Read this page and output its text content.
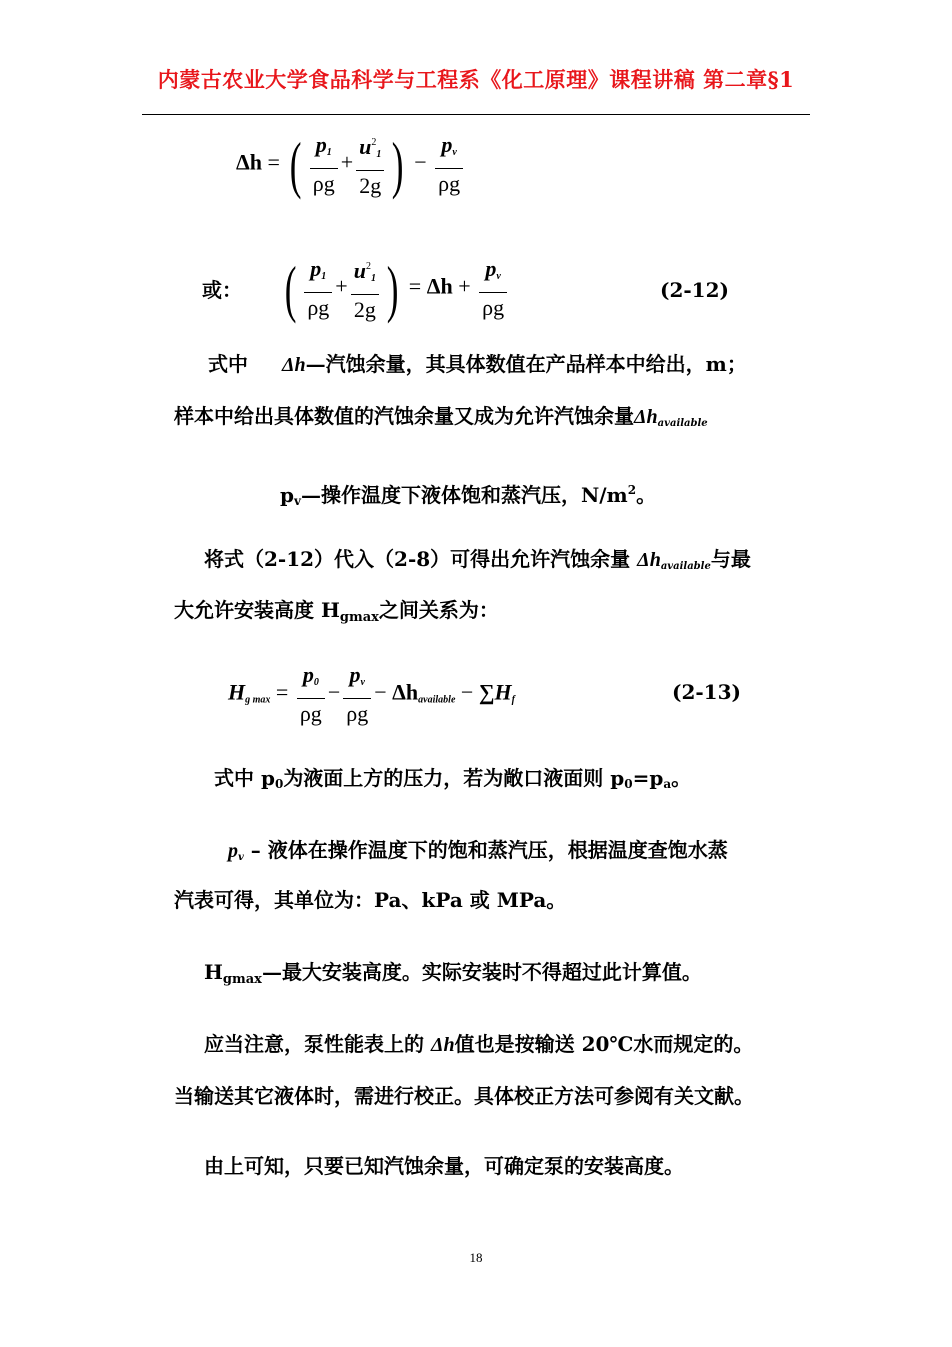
内蒙古农业大学食品科学与工程系《化工原理》课程讲稿 第二章§1
Δh = ( $\frac{p_1}{\rho g} + \frac{u^2_1}{2g}$ ) − $\frac{p_v}{\rho g}$
或： ( $\frac{p_1}{\rho g} + \frac{u^2_1}{2g}$ ) = $\Delta h + \frac{p_v}{\rho g}$	(2-12)
式中 Δh—汽蚀余量，其具体数值在产品样本中给出，m；
样本中给出具体数值的汽蚀余量又成为允许汽蚀余量$\Delta h_{available}$
pv—操作温度下液体饱和蒸汽压，$N/m^2$。
将式（2-12）代入（2-8）可得出允许汽蚀余量 $\Delta h_{available}$与最
大允许安装高度 $H_{gmax}$之间关系为：
$H_{g max} = \frac{p_0}{\rho g} - \frac{p_v}{\rho g} - \Delta h_{available} - \sum H_f$	(2-13)
式中 p0为液面上方的压力，若为敞口液面则 p0=pa。
$p_v$ – 液体在操作温度下的饱和蒸汽压，根据温度查饱水蒸
汽表可得，其单位为：Pa、kPa 或 MPa。
$H_{gmax}—$最大安装高度。实际安装时不得超过此计算值。
应当注意，泵性能表上的 Δh值也是按输送 20℃水而规定的。
当输送其它液体时，需进行校正。具体校正方法可参阅有关文献。
由上可知，只要已知汽蚀余量，可确定泵的安装高度。
18
